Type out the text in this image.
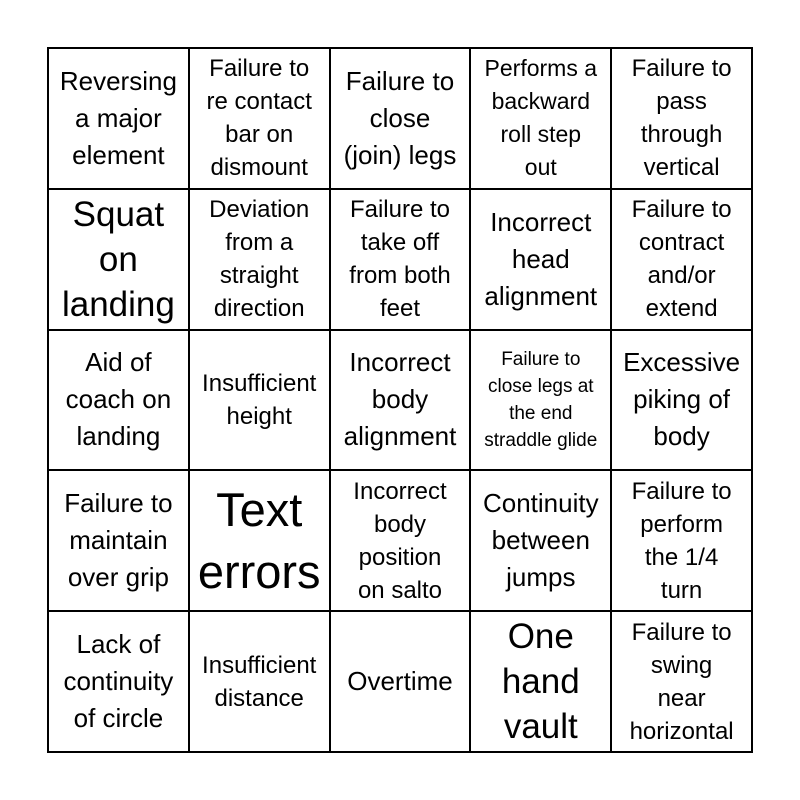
Reversing
a major
element
Failure to
re contact
bar on
dismount
Failure to
close
(join) legs
Performs a
backward
roll step
out
Failure to
pass
through
vertical
Squat
on
landing
Deviation
from a
straight
direction
Failure to
take off
from both
feet
Incorrect
head
alignment
Failure to
contract
and/or
extend
Aid of
coach on
landing
Insufficient
height
Incorrect
body
alignment
Failure to
close legs at
the end
straddle glide
Excessive
piking of
body
Failure to
maintain
over grip
Text
errors
Incorrect
body
position
on salto
Continuity
between
jumps
Failure to
perform
the 1/4
turn
Lack of
continuity
of circle
Insufficient
distance
Overtime
One
hand
vault
Failure to
swing
near
horizontal
